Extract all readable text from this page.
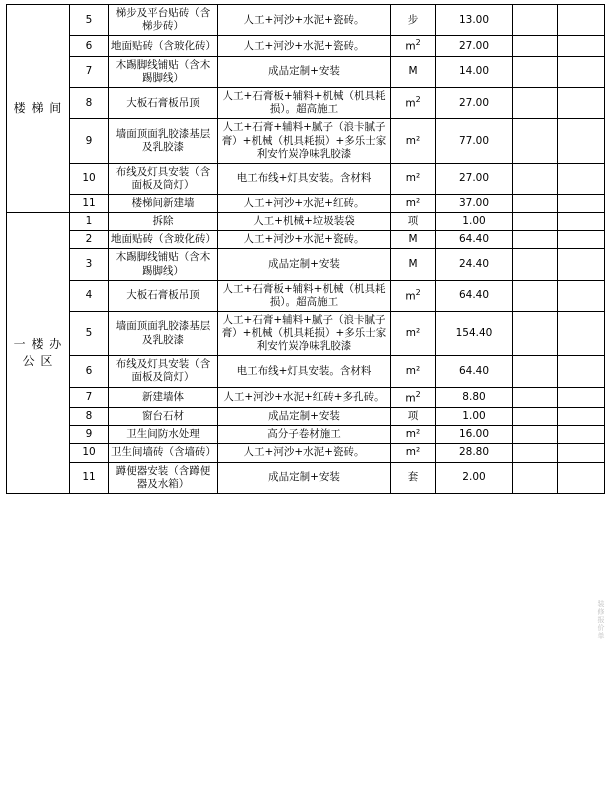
楼 梯 间	5	梯步及平台贴砖（含梯步砖）	人工+河沙+水泥+瓷砖。	步	13.00		
	6	地面贴砖（含玻化砖）	人工+河沙+水泥+瓷砖。	$m^2$	27.00		
	7	木踢脚线铺贴（含木踢脚线）	成品定制+安装	M	14.00		
	8	大板石膏板吊顶	人工+石膏板+辅料+机械（机具耗损）。超高施工	$m^2$	27.00		
	9	墙面顶面乳胶漆基层及乳胶漆	人工+石膏+辅料+腻子（浪卡腻子膏）+机械（机具耗损）+多乐士家利安竹炭净味乳胶漆	m²	77.00		
	10	布线及灯具安装（含面板及筒灯）	电工布线+灯具安装。含材料	m²	27.00		
	11	楼梯间新建墙	人工+河沙+水泥+红砖。	m²	37.00		

一 楼 办 公 区	1	拆除	人工+机械+垃圾装袋	项	1.00		
	2	地面贴砖（含玻化砖）	人工+河沙+水泥+瓷砖。	M	64.40		
	3	木踢脚线铺贴（含木踢脚线）	成品定制+安装	M	24.40		
	4	大板石膏板吊顶	人工+石膏板+辅料+机械（机具耗损）。超高施工	$m^2$	64.40		
	5	墙面顶面乳胶漆基层及乳胶漆	人工+石膏+辅料+腻子（浪卡腻子膏）+机械（机具耗损）+多乐士家利安竹炭净味乳胶漆	m²	154.40		
	6	布线及灯具安装（含面板及筒灯）	电工布线+灯具安装。含材料	m²	64.40		
	7	新建墙体	人工+河沙+水泥+红砖+多孔砖。	$m^2$	8.80		
	8	窗台石材	成品定制+安装	项	1.00		
	9	卫生间防水处理	高分子卷材施工	m²	16.00		
	10	卫生间墙砖（含墙砖）	人工+河沙+水泥+瓷砖。	m²	28.80		
	11	蹲便器安装（含蹲便器及水箱）	成品定制+安装	套	2.00		
装修报价单
